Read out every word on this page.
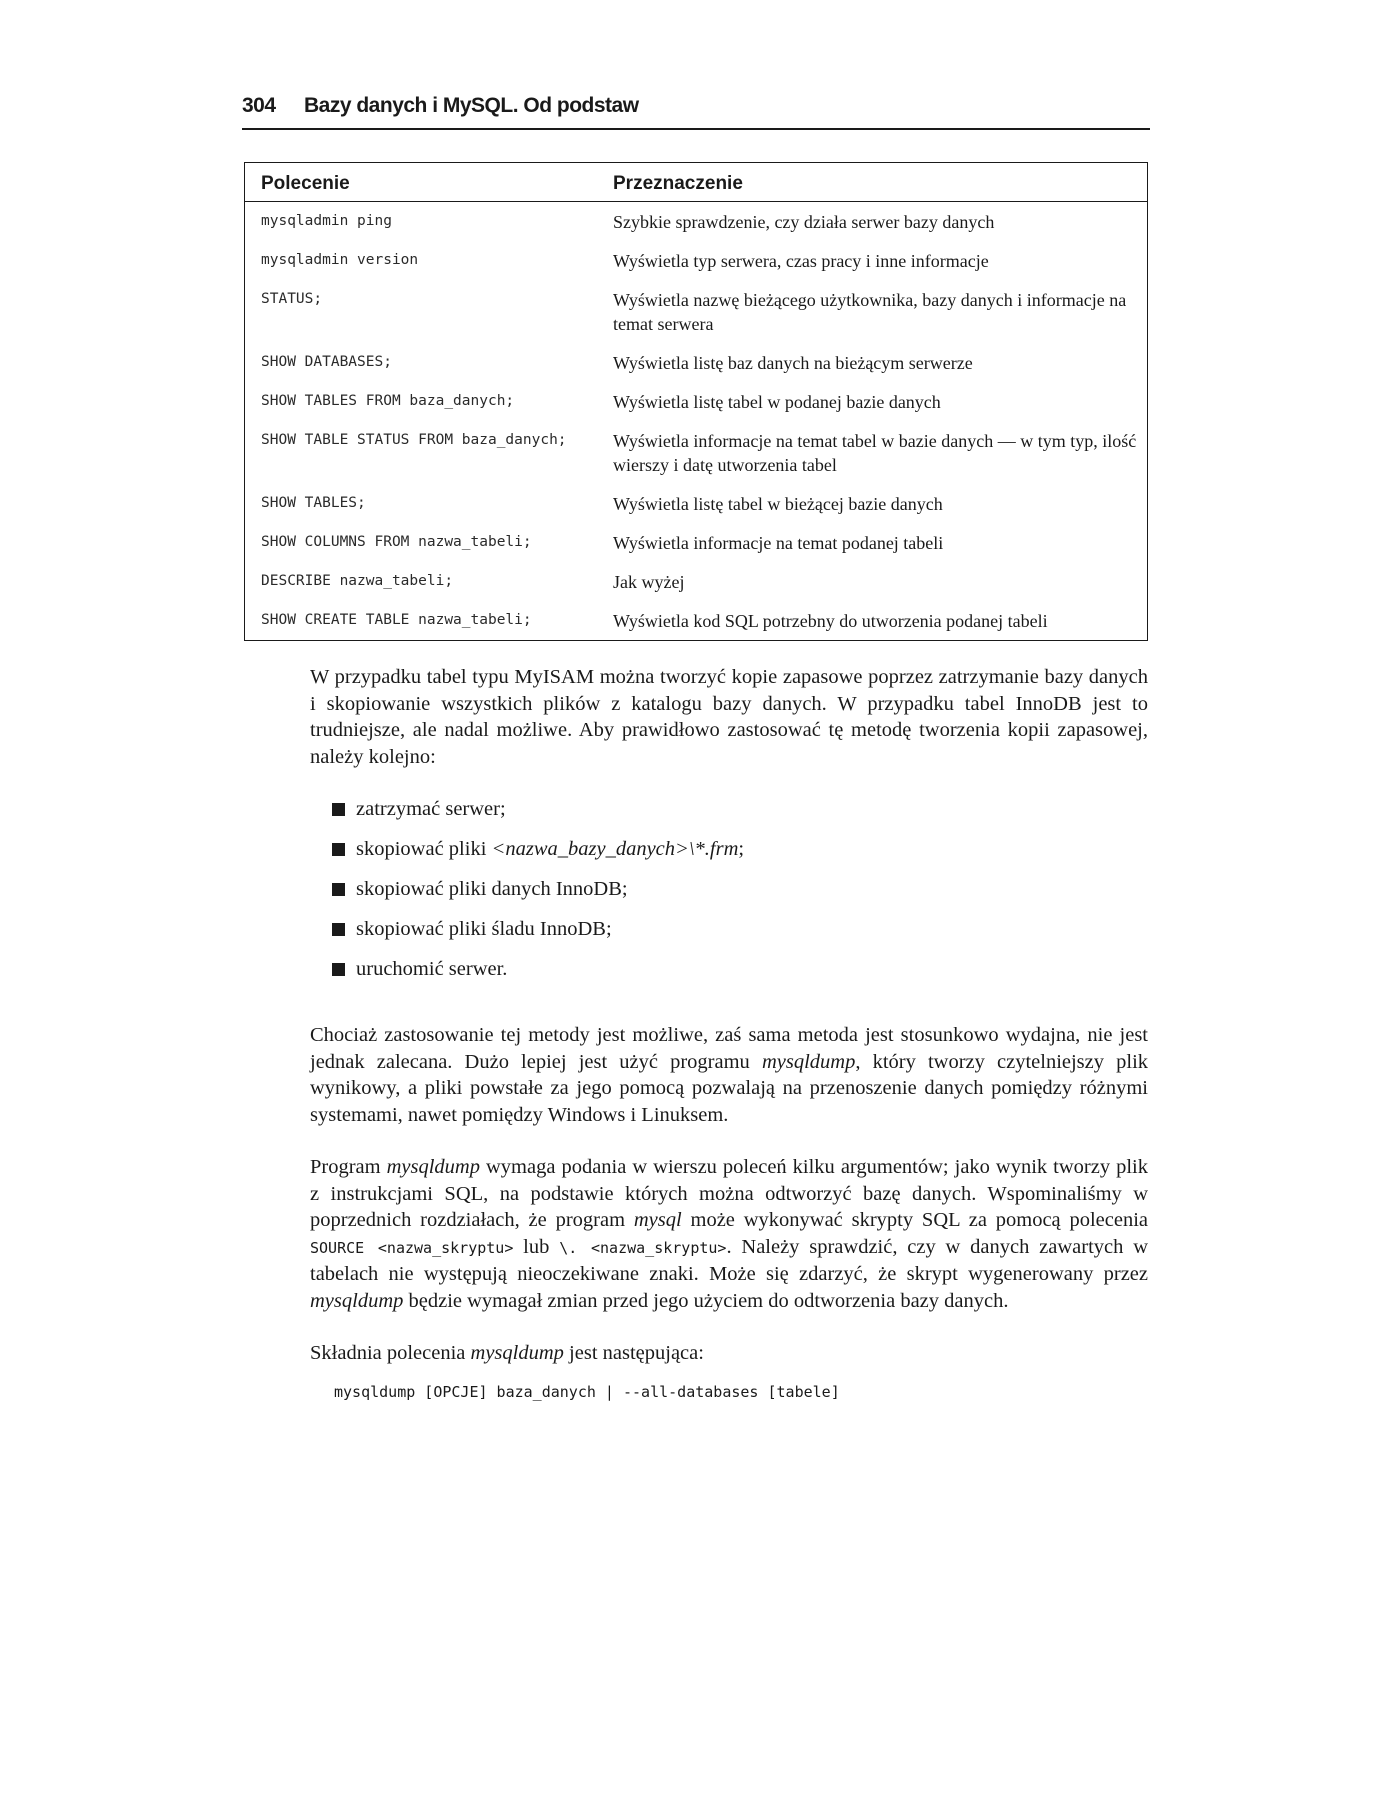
304	Bazy danych i MySQL. Od podstaw
Polecenie	Przeznaczenie
mysqladmin ping	Szybkie sprawdzenie, czy działa serwer bazy danych
mysqladmin version	Wyświetla typ serwera, czas pracy i inne informacje
STATUS;	Wyświetla nazwę bieżącego użytkownika, bazy danych i informacje na temat serwera
SHOW DATABASES;	Wyświetla listę baz danych na bieżącym serwerze
SHOW TABLES FROM baza_danych;	Wyświetla listę tabel w podanej bazie danych
SHOW TABLE STATUS FROM baza_danych;	Wyświetla informacje na temat tabel w bazie danych — w tym typ, ilość wierszy i datę utworzenia tabel
SHOW TABLES;	Wyświetla listę tabel w bieżącej bazie danych
SHOW COLUMNS FROM nazwa_tabeli;	Wyświetla informacje na temat podanej tabeli
DESCRIBE nazwa_tabeli;	Jak wyżej
SHOW CREATE TABLE nazwa_tabeli;	Wyświetla kod SQL potrzebny do utworzenia podanej tabeli

W przypadku tabel typu MyISAM można tworzyć kopie zapasowe poprzez zatrzymanie bazy danych i skopiowanie wszystkich plików z katalogu bazy danych. W przypadku tabel InnoDB jest to trudniejsze, ale nadal możliwe. Aby prawidłowo zastosować tę metodę tworzenia kopii zapasowej, należy kolejno:

zatrzymać serwer;
skopiować pliki <nazwa_bazy_danych>\*.frm;
skopiować pliki danych InnoDB;
skopiować pliki śladu InnoDB;
uruchomić serwer.

Chociaż zastosowanie tej metody jest możliwe, zaś sama metoda jest stosunkowo wydajna, nie jest jednak zalecana. Dużo lepiej jest użyć programu mysqldump, który tworzy czytelniejszy plik wynikowy, a pliki powstałe za jego pomocą pozwalają na przenoszenie danych pomiędzy różnymi systemami, nawet pomiędzy Windows i Linuksem.

Program mysqldump wymaga podania w wierszu poleceń kilku argumentów; jako wynik tworzy plik z instrukcjami SQL, na podstawie których można odtworzyć bazę danych. Wspominaliśmy w poprzednich rozdziałach, że program mysql może wykonywać skrypty SQL za pomocą polecenia SOURCE <nazwa_skryptu> lub \. <nazwa_skryptu>. Należy sprawdzić, czy w danych zawartych w tabelach nie występują nieoczekiwane znaki. Może się zdarzyć, że skrypt wygenerowany przez mysqldump będzie wymagał zmian przed jego użyciem do odtworzenia bazy danych.

Składnia polecenia mysqldump jest następująca:

mysqldump [OPCJE] baza_danych | --all-databases [tabele]
